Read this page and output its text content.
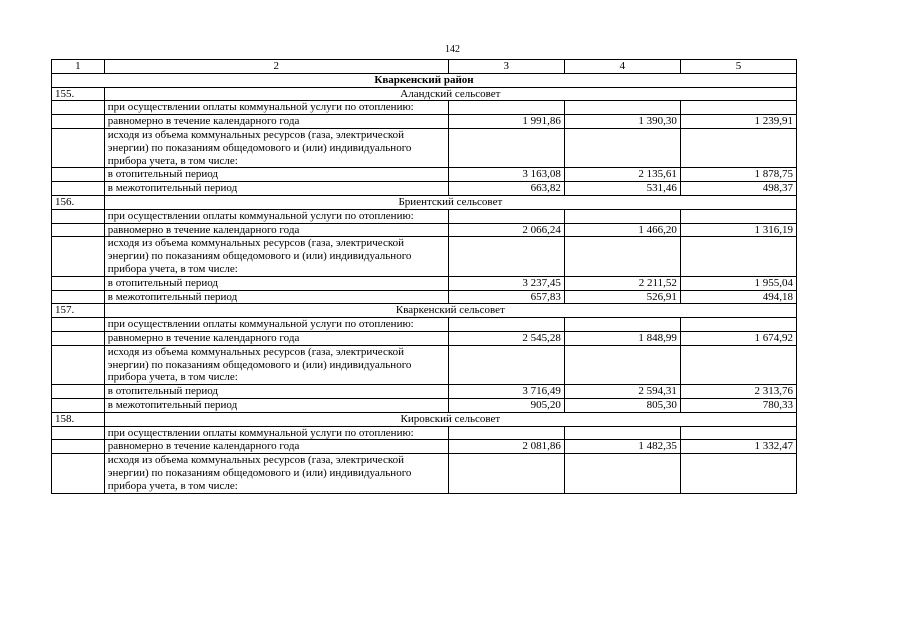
142
1	2	3	4	5
Кваркенский район				
155.	Аландский сельсовет			
	при осуществлении оплаты коммунальной услуги по отоплению:			
	равномерно в течение календарного года	1 991,86	1 390,30	1 239,91
	исходя из объема коммунальных ресурсов (газа, электрической энергии) по показаниям общедомового и (или) индивидуального прибора учета, в том числе:			
	в отопительный период	3 163,08	2 135,61	1 878,75
	в межотопительный период	663,82	531,46	498,37
156.	Бриентский сельсовет			
	при осуществлении оплаты коммунальной услуги по отоплению:			
	равномерно в течение календарного года	2 066,24	1 466,20	1 316,19
	исходя из объема коммунальных ресурсов (газа, электрической энергии) по показаниям общедомового и (или) индивидуального прибора учета, в том числе:			
	в отопительный период	3 237,45	2 211,52	1 955,04
	в межотопительный период	657,83	526,91	494,18
157.	Кваркенский сельсовет			
	при осуществлении оплаты коммунальной услуги по отоплению:			
	равномерно в течение календарного года	2 545,28	1 848,99	1 674,92
	исходя из объема коммунальных ресурсов (газа, электрической энергии) по показаниям общедомового и (или) индивидуального прибора учета, в том числе:			
	в отопительный период	3 716,49	2 594,31	2 313,76
	в межотопительный период	905,20	805,30	780,33
158.	Кировский сельсовет			
	при осуществлении оплаты коммунальной услуги по отоплению:			
	равномерно в течение календарного года	2 081,86	1 482,35	1 332,47
	исходя из объема коммунальных ресурсов (газа, электрической энергии) по показаниям общедомового и (или) индивидуального прибора учета, в том числе:			
